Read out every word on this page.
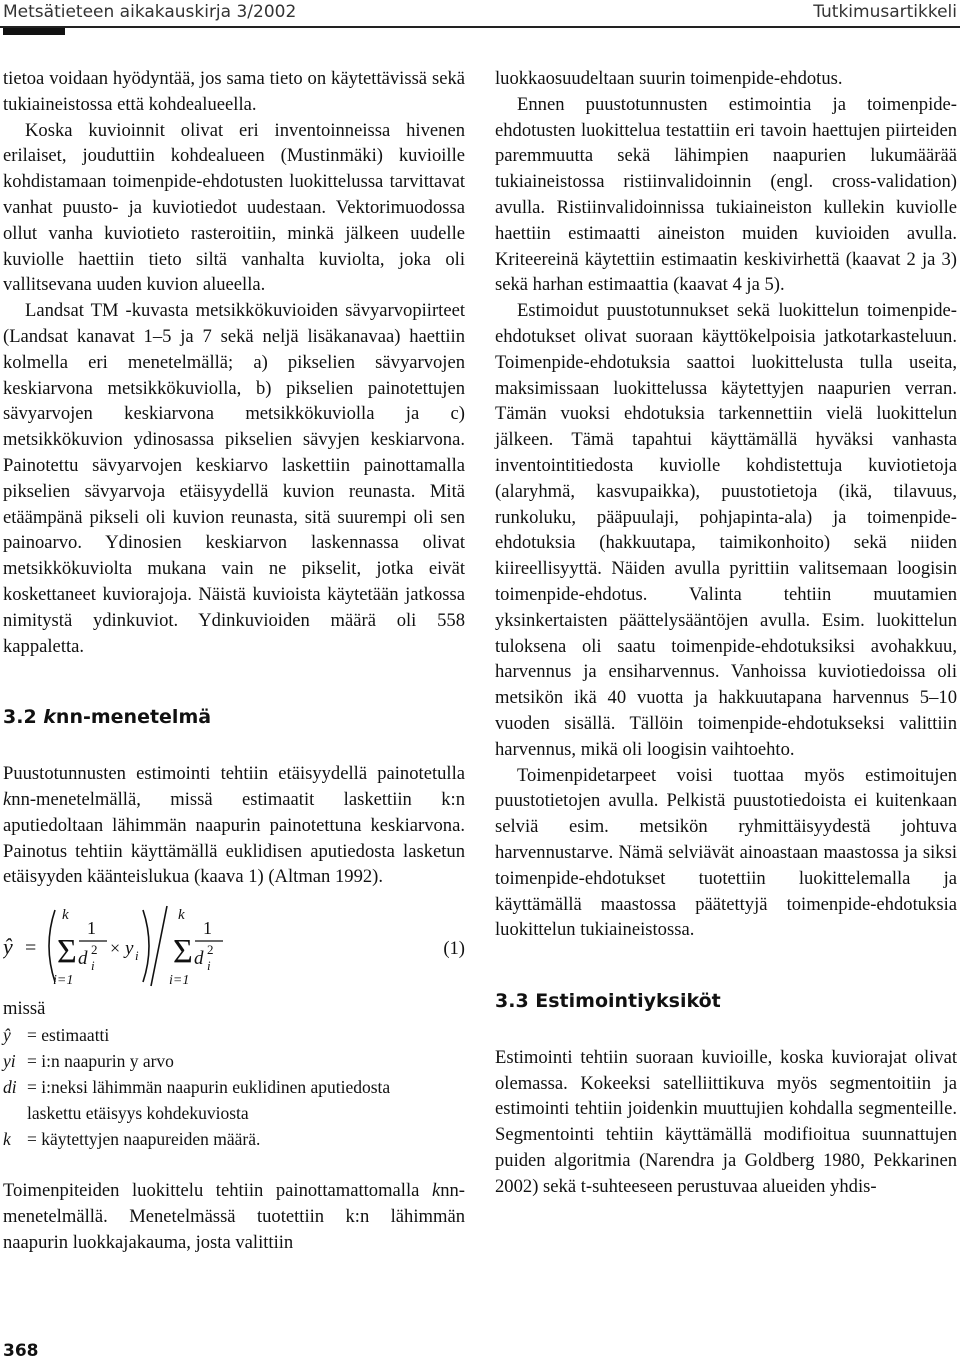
Metsätieteen aikakauskirja 3/2002	Tutkimusartikkeli

tietoa voidaan hyödyntää, jos sama tieto on käytettävissä sekä tukiaineistossa että kohdealueella.

Koska kuvioinnit olivat eri inventoinneissa hivenen erilaiset, jouduttiin kohdealueen (Mustinmäki) kuvioille kohdistamaan toimenpide-ehdotusten luokittelussa tarvittavat vanhat puusto- ja kuviotiedot uudestaan. Vektorimuodossa ollut vanha kuviotieto rasteroitiin, minkä jälkeen uudelle kuviolle haettiin tieto siltä vanhalta kuviolta, joka oli vallitsevana uuden kuvion alueella.

Landsat TM -kuvasta metsikkökuvioiden sävyarvopiirteet (Landsat kanavat 1–5 ja 7 sekä neljä lisäkanavaa) haettiin kolmella eri menetelmällä; a) pikselien sävyarvojen keskiarvona metsikkökuviolla, b) pikselien painotettujen sävyarvojen keskiarvona metsikkökuviolla ja c) metsikkökuvion ydinosassa pikselien sävyjen keskiarvona. Painotettu sävyarvojen keskiarvo laskettiin painottamalla pikselien sävyarvoja etäisyydellä kuvion reunasta. Mitä etäämpänä pikseli oli kuvion reunasta, sitä suurempi oli sen painoarvo. Ydinosien keskiarvon laskennassa olivat metsikkökuviolta mukana vain ne pikselit, jotka eivät koskettaneet kuviorajoja. Näistä kuvioista käytetään jatkossa nimitystä ydinkuviot. Ydinkuvioiden määrä oli 558 kappaletta.

3.2 knn-menetelmä

Puustotunnusten estimointi tehtiin etäisyydellä painotetulla knn-menetelmällä, missä estimaatit laskettiin k:n aputiedoltaan lähimmän naapurin painotettuna keskiarvona. Painotus tehtiin käyttämällä euklidisen aputiedosta lasketun etäisyyden käänteislukua (kaava 1) (Altman 1992).

ŷ =
k
Σ
i=1
1
d 2
i
× y i
k
Σ
i=1
1
d 2
i
(1)

missä

ŷ = estimaatti
yi = i:n naapurin y arvo
di = i:neksi lähimmän naapurin euklidinen aputiedosta
laskettu etäisyys kohdekuviosta
k = käytettyjen naapureiden määrä.

Toimenpiteiden luokittelu tehtiin painottamattomalla knn-menetelmällä. Menetelmässä tuotettiin k:n lähimmän naapurin luokkajakauma, josta valittiin

luokkaosuudeltaan suurin toimenpide-ehdotus.

Ennen puustotunnusten estimointia ja toimenpide-ehdotusten luokittelua testattiin eri tavoin haettujen piirteiden paremmuutta sekä lähimpien naapurien lukumäärää tukiaineistossa ristiinvalidoinnin (engl. cross-validation) avulla. Ristiinvalidoinnissa tukiaineiston kullekin kuviolle haettiin estimaatti aineiston muiden kuvioiden avulla. Kriteereinä käytettiin estimaatin keskivirhettä (kaavat 2 ja 3) sekä harhan estimaattia (kaavat 4 ja 5).

Estimoidut puustotunnukset sekä luokittelun toimenpide-ehdotukset olivat suoraan käyttökelpoisia jatkotarkasteluun. Toimenpide-ehdotuksia saattoi luokittelusta tulla useita, maksimissaan luokittelussa käytettyjen naapurien verran. Tämän vuoksi ehdotuksia tarkennettiin vielä luokittelun jälkeen. Tämä tapahtui käyttämällä hyväksi vanhasta inventointitiedosta kuviolle kohdistettuja kuviotietoja (alaryhmä, kasvupaikka), puustotietoja (ikä, tilavuus, runkoluku, pääpuulaji, pohjapinta-ala) ja toimenpide-ehdotuksia (hakkuutapa, taimikonhoito) sekä niiden kiireellisyyttä. Näiden avulla pyrittiin valitsemaan loogisin toimenpide-ehdotus. Valinta tehtiin muutamien yksinkertaisten päättelysääntöjen avulla. Esim. luokittelun tuloksena oli saatu toimenpide-ehdotuksiksi avohakkuu, harvennus ja ensiharvennus. Vanhoissa kuviotiedoissa oli metsikön ikä 40 vuotta ja hakkuutapana harvennus 5–10 vuoden sisällä. Tällöin toimenpide-ehdotukseksi valittiin harvennus, mikä oli loogisin vaihtoehto.

Toimenpidetarpeet voisi tuottaa myös estimoitujen puustotietojen avulla. Pelkistä puustotiedoista ei kuitenkaan selviä esim. metsikön ryhmittäisyydestä johtuva harvennustarve. Nämä selviävät ainoastaan maastossa ja siksi toimenpide-ehdotukset tuotettiin luokittelemalla ja käyttämällä maastossa päätettyjä toimenpide-ehdotuksia luokittelun tukiaineistossa.

3.3 Estimointiyksiköt

Estimointi tehtiin suoraan kuvioille, koska kuviorajat olivat olemassa. Kokeeksi satelliittikuva myös segmentoitiin ja estimointi tehtiin joidenkin muuttujien kohdalla segmenteille. Segmentointi tehtiin käyttämällä modifioitua suunnattujen puiden algoritmia (Narendra ja Goldberg 1980, Pekkarinen 2002) sekä t-suhteeseen perustuvaa alueiden yhdis-

368
